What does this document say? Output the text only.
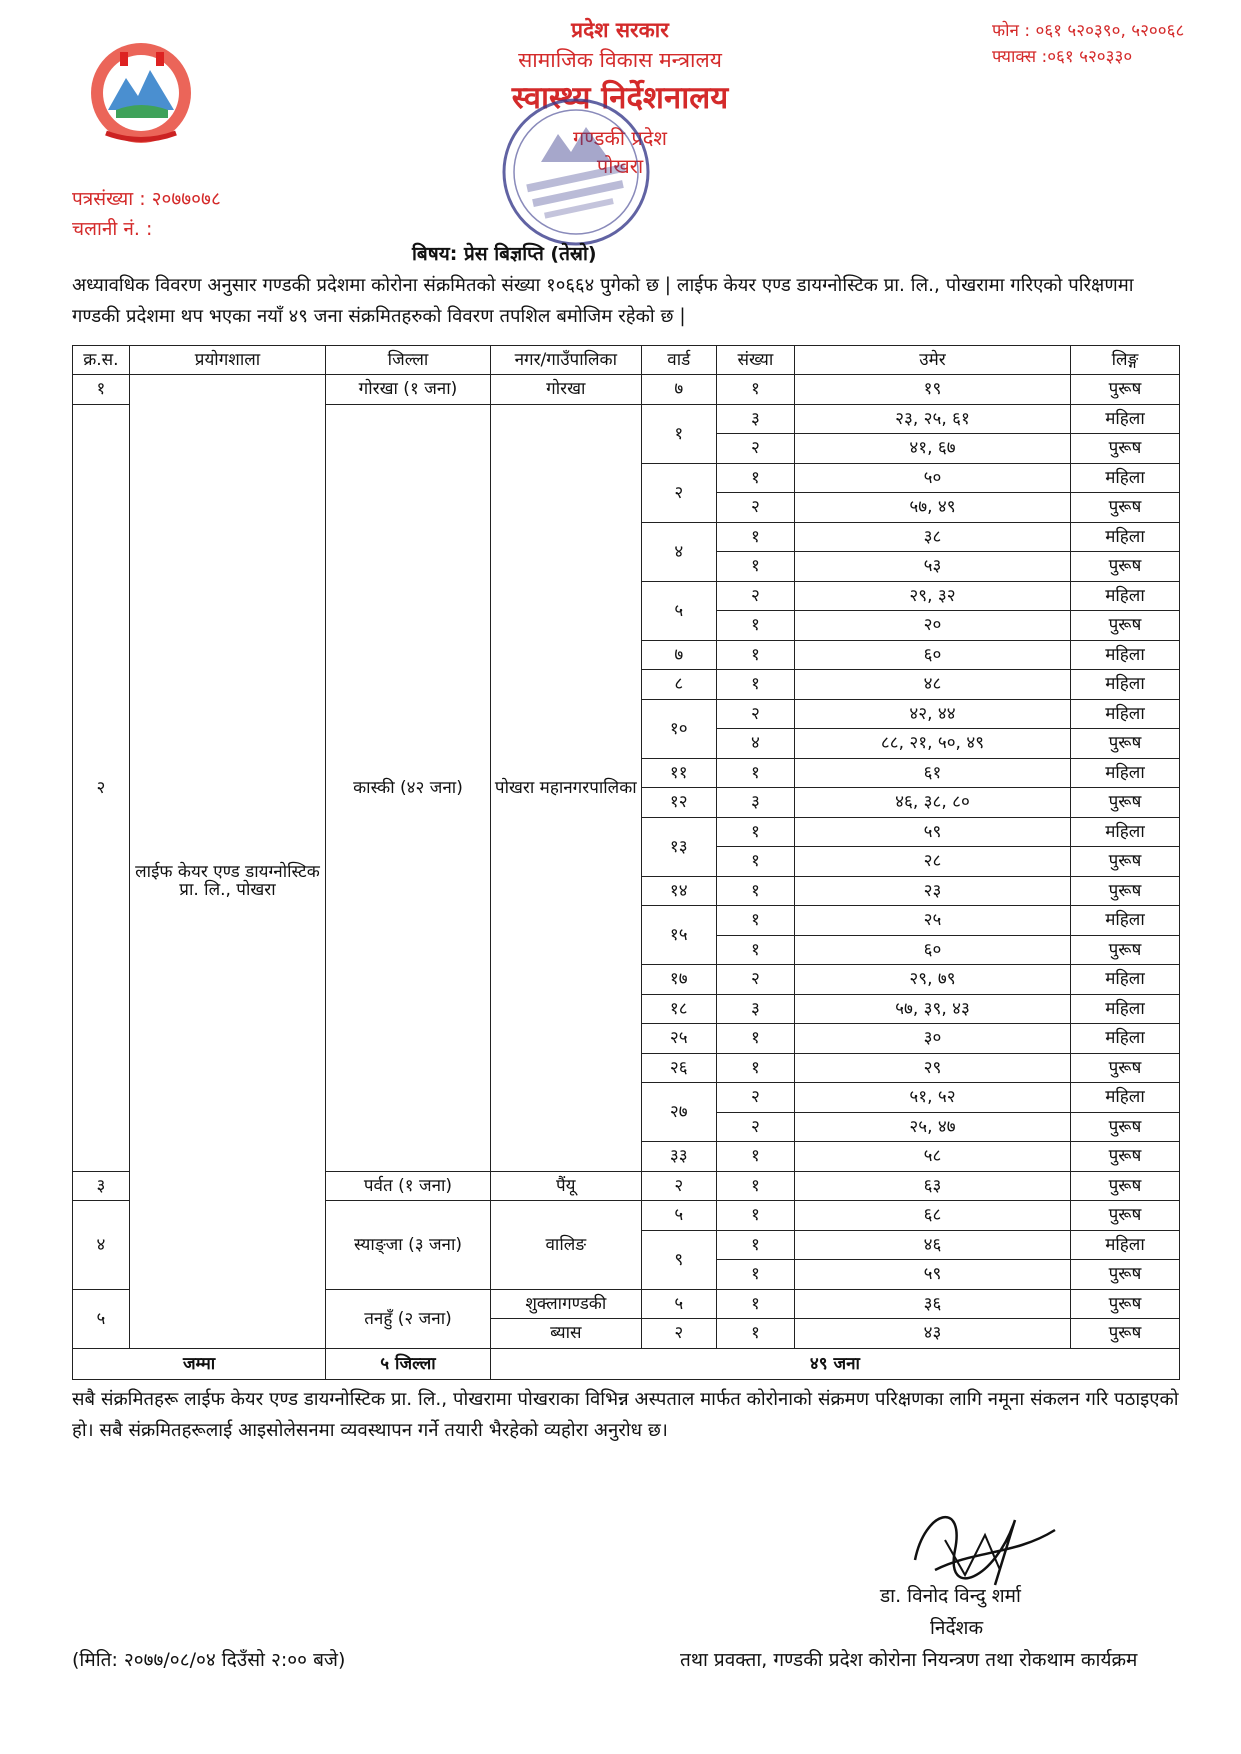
प्रदेश सरकार
सामाजिक विकास मन्त्रालय
स्वास्थ्य निर्देशनालय
गण्डकी प्रदेश
पोखरा
फोन : ०६१ ५२०३९०, ५२००६८
फ्याक्स :०६१ ५२०३३०
पत्रसंख्या : २०७७०७८
चलानी नं. :
बिषय: प्रेस बिज्ञप्ति (तेस्रो)
अध्यावधिक विवरण अनुसार गण्डकी प्रदेशमा कोरोना संक्रमितको संख्या १०६६४ पुगेको छ | लाईफ केयर एण्ड डायग्नोस्टिक प्रा. लि., पोखरामा गरिएको परिक्षणमा गण्डकी प्रदेशमा थप भएका नयाँ ४९ जना संक्रमितहरुको विवरण तपशिल बमोजिम रहेको छ |
क्र.स.	प्रयोगशाला	जिल्ला	नगर/गाउँपालिका	वार्ड	संख्या	उमेर	लिङ्ग
१	लाईफ केयर एण्ड डायग्नोस्टिक प्रा. लि., पोखरा	गोरखा (१ जना)	गोरखा	७	१	१९	पुरूष
२		कास्की (४२ जना)	पोखरा महानगरपालिका	१	३	२३, २५, ६१	महिला
					२	४१, ६७	पुरूष
				२	१	५०	महिला
					२	५७, ४९	पुरूष
				४	१	३८	महिला
					१	५३	पुरूष
				५	२	२९, ३२	महिला
					१	२०	पुरूष
				७	१	६०	महिला
				८	१	४८	महिला
				१०	२	४२, ४४	महिला
					४	८८, २१, ५०, ४९	पुरूष
				११	१	६१	महिला
				१२	३	४६, ३८, ८०	पुरूष
				१३	१	५९	महिला
					१	२८	पुरूष
				१४	१	२३	पुरूष
				१५	१	२५	महिला
					१	६०	पुरूष
				१७	२	२९, ७९	महिला
				१८	३	५७, ३९, ४३	महिला
				२५	१	३०	महिला
				२६	१	२९	पुरूष
				२७	२	५१, ५२	महिला
					२	२५, ४७	पुरूष
				३३	१	५८	पुरूष
३		पर्वत (१ जना)	पैंयू	२	१	६३	पुरूष
४		स्याङ्जा (३ जना)	वालिङ	५	१	६८	पुरूष
				९	१	४६	महिला
					१	५९	पुरूष
५		तनहुँ (२ जना)	शुक्लागण्डकी	५	१	३६	पुरूष
			ब्यास	२	१	४३	पुरूष
जम्मा		५ जिल्ला	४९ जना				
सबै संक्रमितहरू लाईफ केयर एण्ड डायग्नोस्टिक प्रा. लि., पोखरामा पोखराका विभिन्न अस्पताल मार्फत कोरोनाको संक्रमण परिक्षणका लागि नमूना संकलन गरि पठाइएको हो। सबै संक्रमितहरूलाई आइसोलेसनमा व्यवस्थापन गर्ने तयारी भैरहेको व्यहोरा अनुरोध छ।
डा. विनोद विन्दु शर्मा
निर्देशक
(मिति: २०७७/०८/०४ दिउँसो २:०० बजे)	तथा प्रवक्ता, गण्डकी प्रदेश कोरोना नियन्त्रण तथा रोकथाम कार्यक्रम
